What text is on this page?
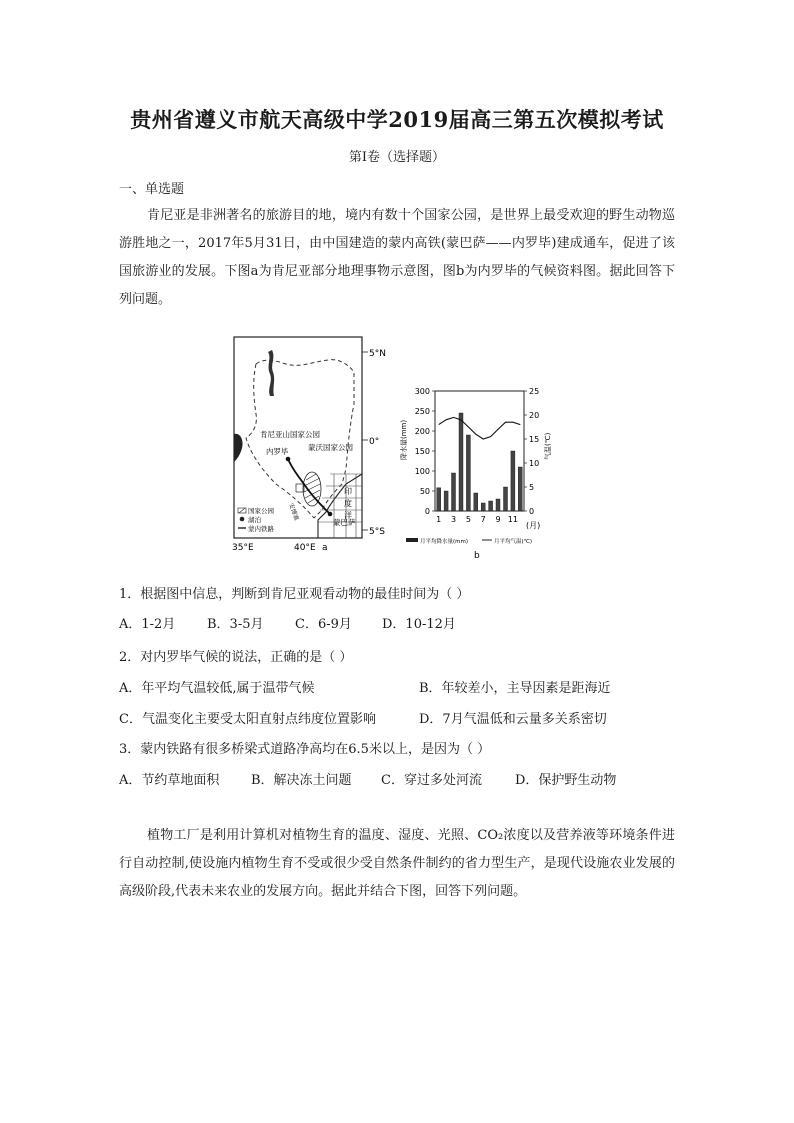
贵州省遵义市航天高级中学2019届高三第五次模拟考试
第I卷（选择题）
一、单选题

肯尼亚是非洲著名的旅游目的地，境内有数十个国家公园，是世界上最受欢迎的野生动物巡游胜地之一，2017年5月31日，由中国建造的蒙内高铁(蒙巴萨——内罗毕)建成通车，促进了该国旅游业的发展。下图a为肯尼亚部分地理事物示意图，图b为内罗毕的气候资料图。据此回答下列问题。

5°N
0°
5°S
35°E	40°E a
肯尼亚山国家公园
蒙沃国家公园
内罗毕
蒙巴萨
安博塞
印
度
洋
国家公园
湖泊
蒙内铁路
0
50
100
150
200
250
300
0
5
10
15
20
25
1 3 5 7 9 11
降水量(mm)	气温(℃)
(月)
月平均降水量(mm)	月平均气温(℃)
b
1．根据图中信息，判断到肯尼亚观看动物的最佳时间为（ ）
A．1-2月 B．3-5月 C．6-9月 D．10-12月
2．对内罗毕气候的说法，正确的是（ ）
A．年平均气温较低,属于温带气候	B．年较差小，主导因素是距海近
C．气温变化主要受太阳直射点纬度位置影响	D．7月气温低和云量多关系密切
3．蒙内铁路有很多桥梁式道路净高均在6.5米以上，是因为（ ）
A．节约草地面积 B．解决冻土问题 C．穿过多处河流	D．保护野生动物

植物工厂是利用计算机对植物生育的温度、湿度、光照、CO₂浓度以及营养液等环境条件进行自动控制,使设施内植物生育不受或很少受自然条件制约的省力型生产，是现代设施农业发展的高级阶段,代表未来农业的发展方向。据此并结合下图，回答下列问题。
